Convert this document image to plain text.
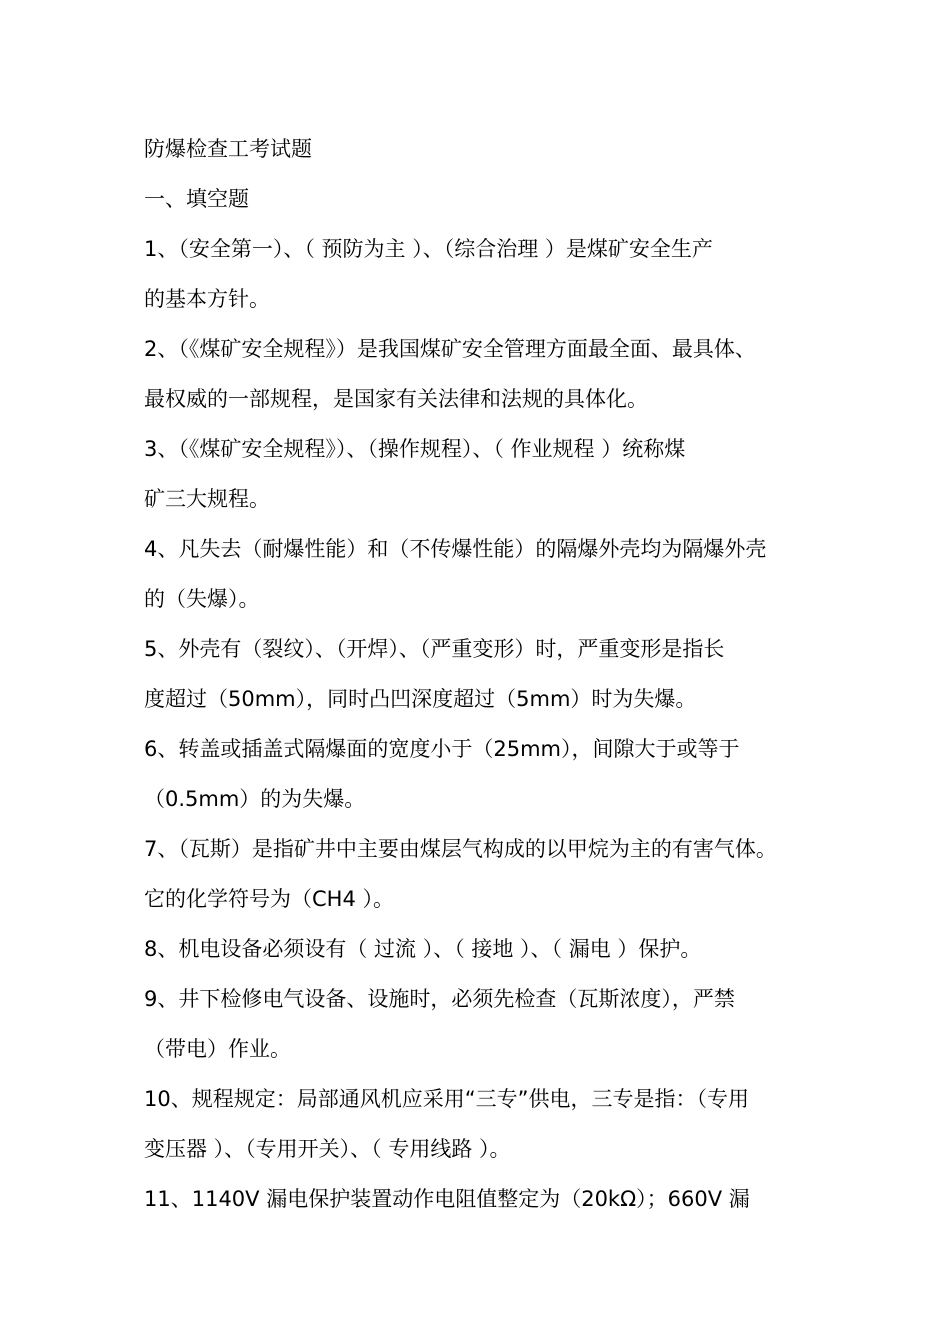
防爆检查工考试题
一、填空题
1、（安全第一）、（ 预防为主 ）、（综合治理 ）是煤矿安全生产
的基本方针。
2、（《煤矿安全规程》）是我国煤矿安全管理方面最全面、最具体、
最权威的一部规程，是国家有关法律和法规的具体化。
3、（《煤矿安全规程》）、（操作规程）、（ 作业规程 ）统称煤
矿三大规程。
4、凡失去（耐爆性能）和（不传爆性能）的隔爆外壳均为隔爆外壳
的（失爆）。
5、外壳有（裂纹）、（开焊）、（严重变形）时，严重变形是指长
度超过（50mm），同时凸凹深度超过（5mm）时为失爆。
6、转盖或插盖式隔爆面的宽度小于（25mm），间隙大于或等于
（0.5mm）的为失爆。
7、（瓦斯）是指矿井中主要由煤层气构成的以甲烷为主的有害气体。
它的化学符号为（CH4 ）。
8、机电设备必须设有（ 过流 ）、（ 接地 ）、（ 漏电 ）保护。
9、井下检修电气设备、设施时，必须先检查（瓦斯浓度），严禁
（带电）作业。
10、规程规定：局部通风机应采用“三专”供电，三专是指：（专用
变压器 ）、（专用开关）、（ 专用线路 ）。
11、1140V 漏电保护装置动作电阻值整定为（20kΩ）；660V 漏
